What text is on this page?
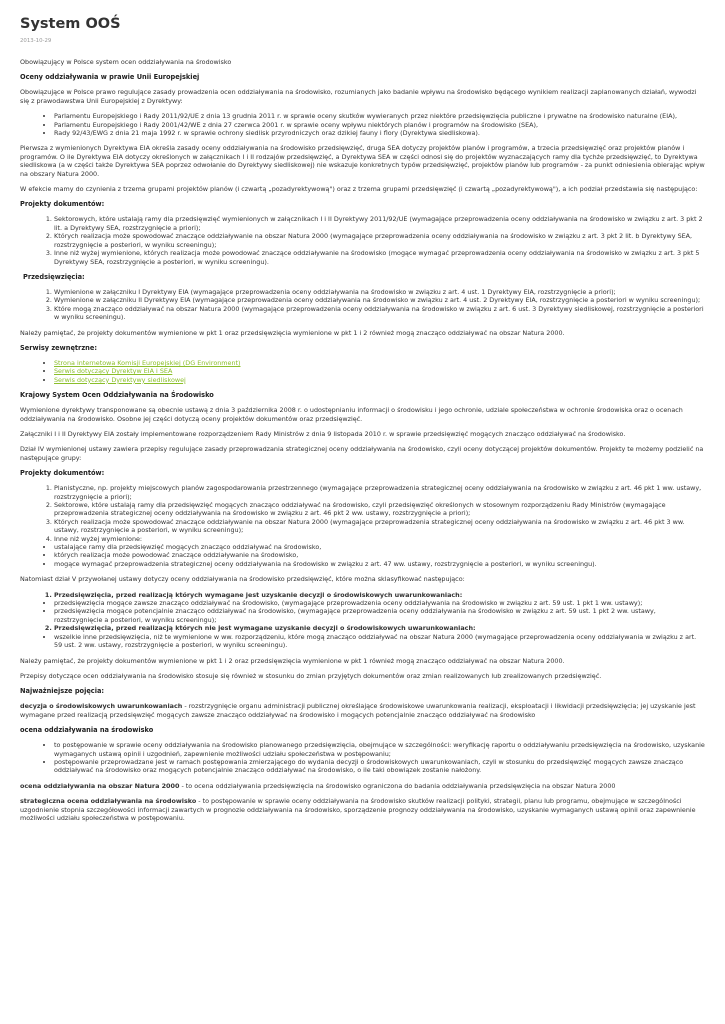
System OOŚ
2013-10-29

Obowiązujący w Polsce system ocen oddziaływania na środowisko

Oceny oddziaływania w prawie Unii Europejskiej

Obowiązujące w Polsce prawo regulujące zasady prowadzenia ocen oddziaływania na środowisko, rozumianych jako badanie wpływu na środowisko będącego wynikiem realizacji zaplanowanych działań, wywodzi się z prawodawstwa Unii Europejskiej z Dyrektywy:

• Parlamentu Europejskiego i Rady 2011/92/UE z dnia 13 grudnia 2011 r. w sprawie oceny skutków wywieranych przez niektóre przedsięwzięcia publiczne i prywatne na środowisko naturalne (EIA),
• Parlamentu Europejskiego i Rady 2001/42/WE z dnia 27 czerwca 2001 r. w sprawie oceny wpływu niektórych planów i programów na środowisko (SEA),
• Rady 92/43/EWG z dnia 21 maja 1992 r. w sprawie ochrony siedlisk przyrodniczych oraz dzikiej fauny i flory (Dyrektywa siedliskowa).

Pierwsza z wymienionych Dyrektywa EIA określa zasady oceny oddziaływania na środowisko przedsięwzięć, druga SEA dotyczy projektów planów i programów, a trzecia przedsięwzięć oraz projektów planów i programów. O ile Dyrektywa EIA dotyczy określonych w załącznikach I i II rodzajów przedsięwzięć, a Dyrektywa SEA w części odnosi się do projektów wyznaczających ramy dla tychże przedsięwzięć, to Dyrektywa siedliskowa (a w części także Dyrektywa SEA poprzez odwołanie do Dyrektywy siedliskowej) nie wskazuje konkretnych typów przedsięwzięć, projektów planów lub programów - za punkt odniesienia obierając wpływ na obszary Natura 2000.

W efekcie mamy do czynienia z trzema grupami projektów planów (i czwartą „pozadyrektywową") oraz z trzema grupami przedsięwzięć (i czwartą „pozadyrektywową"), a ich podział przedstawia się następująco:

Projekty dokumentów:
1. Sektorowych, które ustalają ramy dla przedsięwzięć wymienionych w załącznikach I i II Dyrektywy 2011/92/UE (wymagające przeprowadzenia oceny oddziaływania na środowisko w związku z art. 3 pkt 2 lit. a Dyrektywy SEA, rozstrzygnięcie a priori);
2. Których realizacja może spowodować znaczące oddziaływanie na obszar Natura 2000 (wymagające przeprowadzenia oceny oddziaływania na środowisko w związku z art. 3 pkt 2 lit. b Dyrektywy SEA, rozstrzygnięcie a posteriori, w wyniku screeningu);
3. Inne niż wyżej wymienione, których realizacja może powodować znaczące oddziaływanie na środowisko (mogące wymagać przeprowadzenia oceny oddziaływania na środowisko w związku z art. 3 pkt 5 Dyrektywy SEA, rozstrzygnięcie a posteriori, w wyniku screeningu).
Przedsięwzięcia:
1. Wymienione w załączniku I Dyrektywy EIA (wymagające przeprowadzenia oceny oddziaływania na środowisko w związku z art. 4 ust. 1 Dyrektywy EIA, rozstrzygnięcie a priori);
2. Wymienione w załączniku II Dyrektywy EIA (wymagające przeprowadzenia oceny oddziaływania na środowisko w związku z art. 4 ust. 2 Dyrektywy EIA, rozstrzygnięcie a posteriori w wyniku screeningu);
3. Które mogą znacząco oddziaływać na obszar Natura 2000 (wymagające przeprowadzenia oceny oddziaływania na środowisko w związku z art. 6 ust. 3 Dyrektywy siedliskowej, rozstrzygnięcie a posteriori w wyniku screeningu).

Należy pamiętać, że projekty dokumentów wymienione w pkt 1 oraz przedsięwzięcia wymienione w pkt 1 i 2 również mogą znacząco oddziaływać na obszar Natura 2000.

Serwisy zewnętrzne:
• Strona internetowa Komisji Europejskiej (DG Environment)
• Serwis dotyczący Dyrektyw EIA i SEA
• Serwis dotyczący Dyrektywy siedliskowej
Krajowy System Ocen Oddziaływania na Środowisko

Wymienione dyrektywy transponowane są obecnie ustawą z dnia 3 października 2008 r. o udostępnianiu informacji o środowisku i jego ochronie, udziale społeczeństwa w ochronie środowiska oraz o ocenach oddziaływania na środowisko. Osobne jej części dotyczą oceny projektów dokumentów oraz przedsięwzięć.

Załączniki I i II Dyrektywy EIA zostały implementowane rozporządzeniem Rady Ministrów z dnia 9 listopada 2010 r. w sprawie przedsięwzięć mogących znacząco oddziaływać na środowisko.

Dział IV wymienionej ustawy zawiera przepisy regulujące zasady przeprowadzania strategicznej oceny oddziaływania na środowisko, czyli oceny dotyczącej projektów dokumentów. Projekty te możemy podzielić na następujące grupy:

Projekty dokumentów:
1. Planistyczne, np. projekty miejscowych planów zagospodarowania przestrzennego (wymagające przeprowadzenia strategicznej oceny oddziaływania na środowisko w związku z art. 46 pkt 1 ww. ustawy, rozstrzygnięcie a priori);
2. Sektorowe, które ustalają ramy dla przedsięwzięć mogących znacząco oddziaływać na środowisko, czyli przedsięwzięć określonych w stosownym rozporządzeniu Rady Ministrów (wymagające przeprowadzenia strategicznej oceny oddziaływania na środowisko w związku z art. 46 pkt 2 ww. ustawy, rozstrzygnięcie a priori);
3. Których realizacja może spowodować znaczące oddziaływanie na obszar Natura 2000 (wymagające przeprowadzenia strategicznej oceny oddziaływania na środowisko w związku z art. 46 pkt 3 ww. ustawy, rozstrzygnięcie a posteriori, w wyniku screeningu);
4. Inne niż wyżej wymienione:
• ustalające ramy dla przedsięwzięć mogących znacząco oddziaływać na środowisko,
• których realizacja może powodować znaczące oddziaływanie na środowisko,
• mogące wymagać przeprowadzenia strategicznej oceny oddziaływania na środowisko w związku z art. 47 ww. ustawy, rozstrzygnięcie a posteriori, w wyniku screeningu).

Natomiast dział V przywołanej ustawy dotyczy oceny oddziaływania na środowisko przedsięwzięć, które można sklasyfikować następująco:

1. Przedsięwzięcia, przed realizacją których wymagane jest uzyskanie decyzji o środowiskowych uwarunkowaniach:
• przedsięwzięcia mogące zawsze znacząco oddziaływać na środowisko, (wymagające przeprowadzenia oceny oddziaływania na środowisko w związku z art. 59 ust. 1 pkt 1 ww. ustawy);
• przedsięwzięcia mogące potencjalnie znacząco oddziaływać na środowisko, (wymagające przeprowadzenia oceny oddziaływania na środowisko w związku z art. 59 ust. 1 pkt 2 ww. ustawy, rozstrzygnięcie a posteriori, w wyniku screeningu);
2. Przedsięwzięcia, przed realizacją których nie jest wymagane uzyskanie decyzji o środowiskowych uwarunkowaniach:
• wszelkie inne przedsięwzięcia, niż te wymienione w ww. rozporządzeniu, które mogą znacząco oddziaływać na obszar Natura 2000 (wymagające przeprowadzenia oceny oddziaływania w związku z art. 59 ust. 2 ww. ustawy, rozstrzygnięcie a posteriori, w wyniku screeningu).

Należy pamiętać, że projekty dokumentów wymienione w pkt 1 i 2 oraz przedsięwzięcia wymienione w pkt 1 również mogą znacząco oddziaływać na obszar Natura 2000.

Przepisy dotyczące ocen oddziaływania na środowisko stosuje się również w stosunku do zmian przyjętych dokumentów oraz zmian realizowanych lub zrealizowanych przedsięwzięć.

Najważniejsze pojęcia:

decyzja o środowiskowych uwarunkowaniach - rozstrzygnięcie organu administracji publicznej określające środowiskowe uwarunkowania realizacji, eksploatacji i likwidacji przedsięwzięcia; jej uzyskanie jest wymagane przed realizacją przedsięwzięć mogących zawsze znacząco oddziaływać na środowisko i mogących potencjalnie znacząco oddziaływać na środowisko

ocena oddziaływania na środowisko
• to postępowanie w sprawie oceny oddziaływania na środowisko planowanego przedsięwzięcia, obejmujące w szczególności: weryfikację raportu o oddziaływaniu przedsięwzięcia na środowisko, uzyskanie wymaganych ustawą opinii i uzgodnień, zapewnienie możliwości udziału społeczeństwa w postępowaniu;
• postępowanie przeprowadzane jest w ramach postępowania zmierzającego do wydania decyzji o środowiskowych uwarunkowaniach, czyli w stosunku do przedsięwzięć mogących zawsze znacząco oddziaływać na środowisko oraz mogących potencjalnie znacząco oddziaływać na środowisko, o ile taki obowiązek zostanie nałożony.

ocena oddziaływania na obszar Natura 2000 - to ocena oddziaływania przedsięwzięcia na środowisko ograniczona do badania oddziaływania przedsięwzięcia na obszar Natura 2000

strategiczna ocena oddziaływania na środowisko - to postępowanie w sprawie oceny oddziaływania na środowisko skutków realizacji polityki, strategii, planu lub programu, obejmujące w szczególności uzgodnienie stopnia szczegółowości informacji zawartych w prognozie oddziaływania na środowisko, sporządzenie prognozy oddziaływania na środowisko, uzyskanie wymaganych ustawą opinii oraz zapewnienie możliwości udziału społeczeństwa w postępowaniu.
